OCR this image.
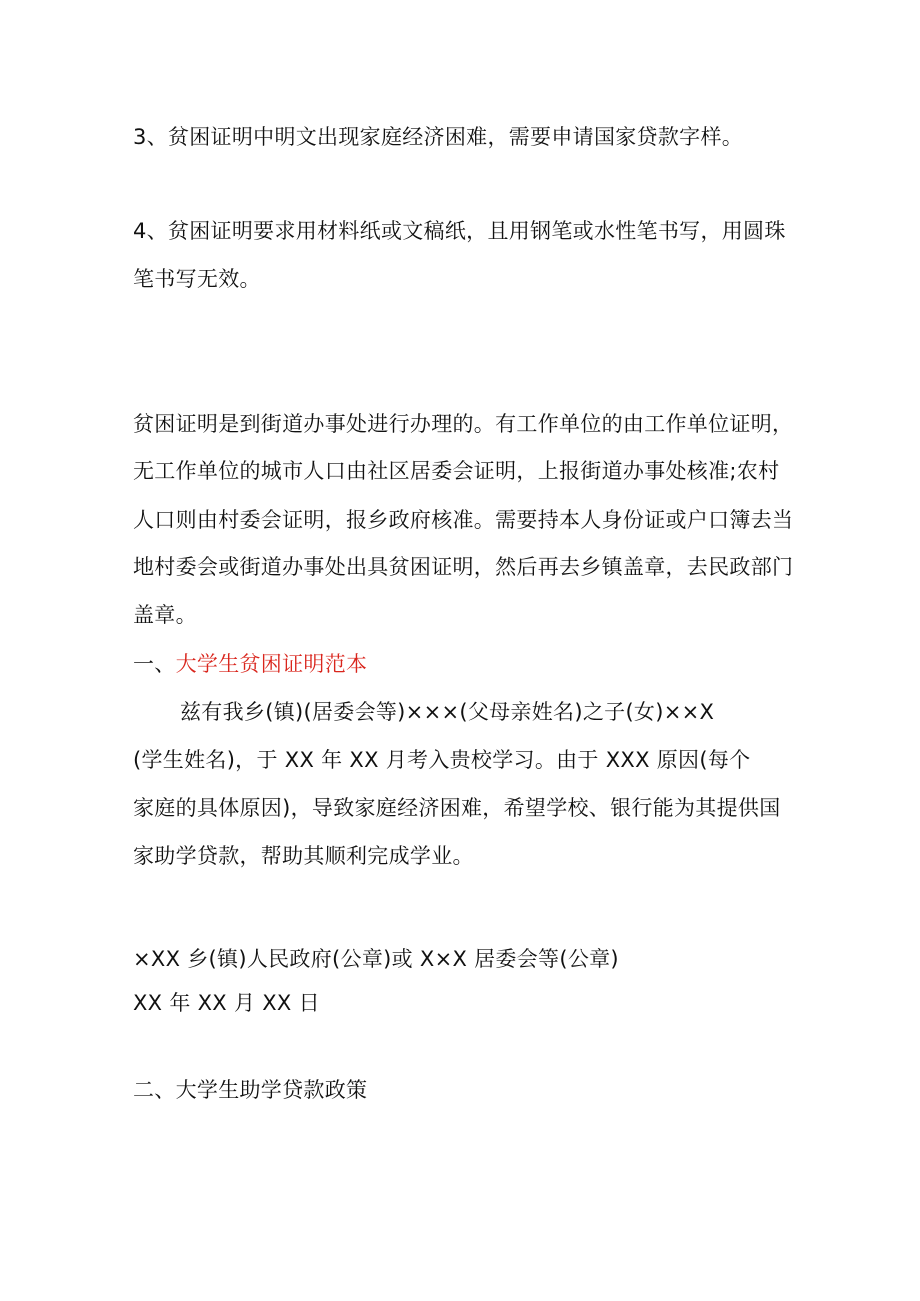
3、贫困证明中明文出现家庭经济困难，需要申请国家贷款字样。
4、贫困证明要求用材料纸或文稿纸，且用钢笔或水性笔书写，用圆珠
笔书写无效。
贫困证明是到街道办事处进行办理的。有工作单位的由工作单位证明，
无工作单位的城市人口由社区居委会证明，上报街道办事处核准;农村
人口则由村委会证明，报乡政府核准。需要持本人身份证或户口簿去当
地村委会或街道办事处出具贫困证明，然后再去乡镇盖章，去民政部门
盖章。
一、大学生贫困证明范本
兹有我乡(镇)(居委会等)×××(父母亲姓名)之子(女)××X
(学生姓名)，于 XX 年 XX 月考入贵校学习。由于 XXX 原因(每个
家庭的具体原因)，导致家庭经济困难，希望学校、银行能为其提供国
家助学贷款，帮助其顺利完成学业。
×XX 乡(镇)人民政府(公章)或 X×X 居委会等(公章)
XX 年 XX 月 XX 日
二、大学生助学贷款政策
